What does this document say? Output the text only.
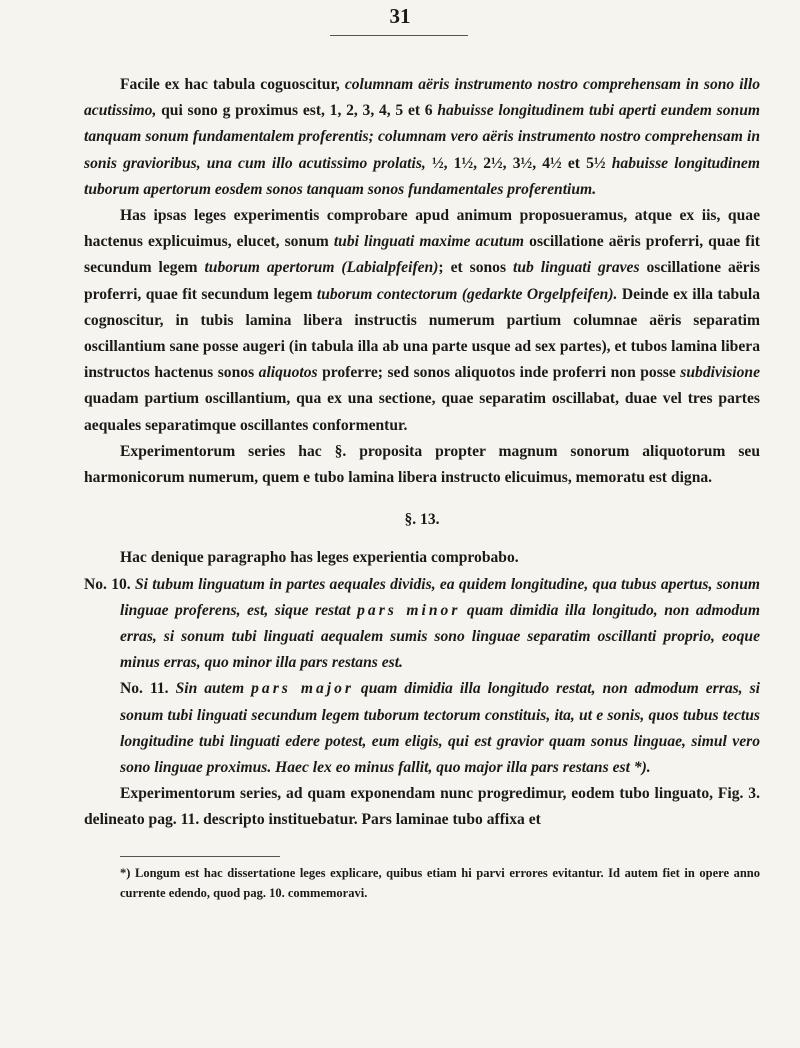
31

Facile ex hac tabula coguoscitur, columnam aëris instrumento nostro comprehensam in sono illo acutissimo, qui sono g proximus est, 1, 2, 3, 4, 5 et 6 habuisse longitudinem tubi aperti eundem sonum tanquam sonum fundamentalem proferentis; columnam vero aëris instrumento nostro comprehensam in sonis gravioribus, una cum illo acutissimo prolatis, ½, 1½, 2½, 3½, 4½ et 5½ habuisse longitudinem tuborum apertorum eosdem sonos tanquam sonos fundamentales proferentium.

Has ipsas leges experimentis comprobare apud animum proposueramus, atque ex iis, quae hactenus explicuimus, elucet, sonum tubi linguati maxime acutum oscillatione aëris proferri, quae fit secundum legem tuborum apertorum (Labialpfeifen); et sonos tub linguati graves oscillatione aëris proferri, quae fit secundum legem tuborum contectorum (gedarkte Orgelpfeifen). Deinde ex illa tabula cognoscitur, in tubis lamina libera instructis numerum partium columnae aëris separatim oscillantium sane posse augeri (in tabula illa ab una parte usque ad sex partes), et tubos lamina libera instructos hactenus sonos aliquotos proferre; sed sonos aliquotos inde proferri non posse subdivisione quadam partium oscillantium, qua ex una sectione, quae separatim oscillabat, duae vel tres partes aequales separatimque oscillantes conformentur.

Experimentorum series hac §. proposita propter magnum sonorum aliquotorum seu harmonicorum numerum, quem e tubo lamina libera instructo elicuimus, memoratu est digna.

§. 13.

Hac denique paragrapho has leges experientia comprobabo.

No. 10. Si tubum linguatum in partes aequales dividis, ea quidem longitudine, qua tubus apertus, sonum linguae proferens, est, sique restat pars minor quam dimidia illa longitudo, non admodum erras, si sonum tubi linguati aequalem sumis sono linguae separatim oscillanti proprio, eoque minus erras, quo minor illa pars restans est.

No. 11. Sin autem pars major quam dimidia illa longitudo restat, non admodum erras, si sonum tubi linguati secundum legem tuborum tectorum constituis, ita, ut e sonis, quos tubus tectus longitudine tubi linguati edere potest, eum eligis, qui est gravior quam sonus linguae, simul vero sono linguae proximus. Haec lex eo minus fallit, quo major illa pars restans est *).

Experimentorum series, ad quam exponendam nunc progredimur, eodem tubo linguato, Fig. 3. delineato pag. 11. descripto instituebatur. Pars laminae tubo affixa et

*) Longum est hac dissertatione leges explicare, quibus etiam hi parvi errores evitantur. Id autem fiet in opere anno currente edendo, quod pag. 10. commemoravi.
